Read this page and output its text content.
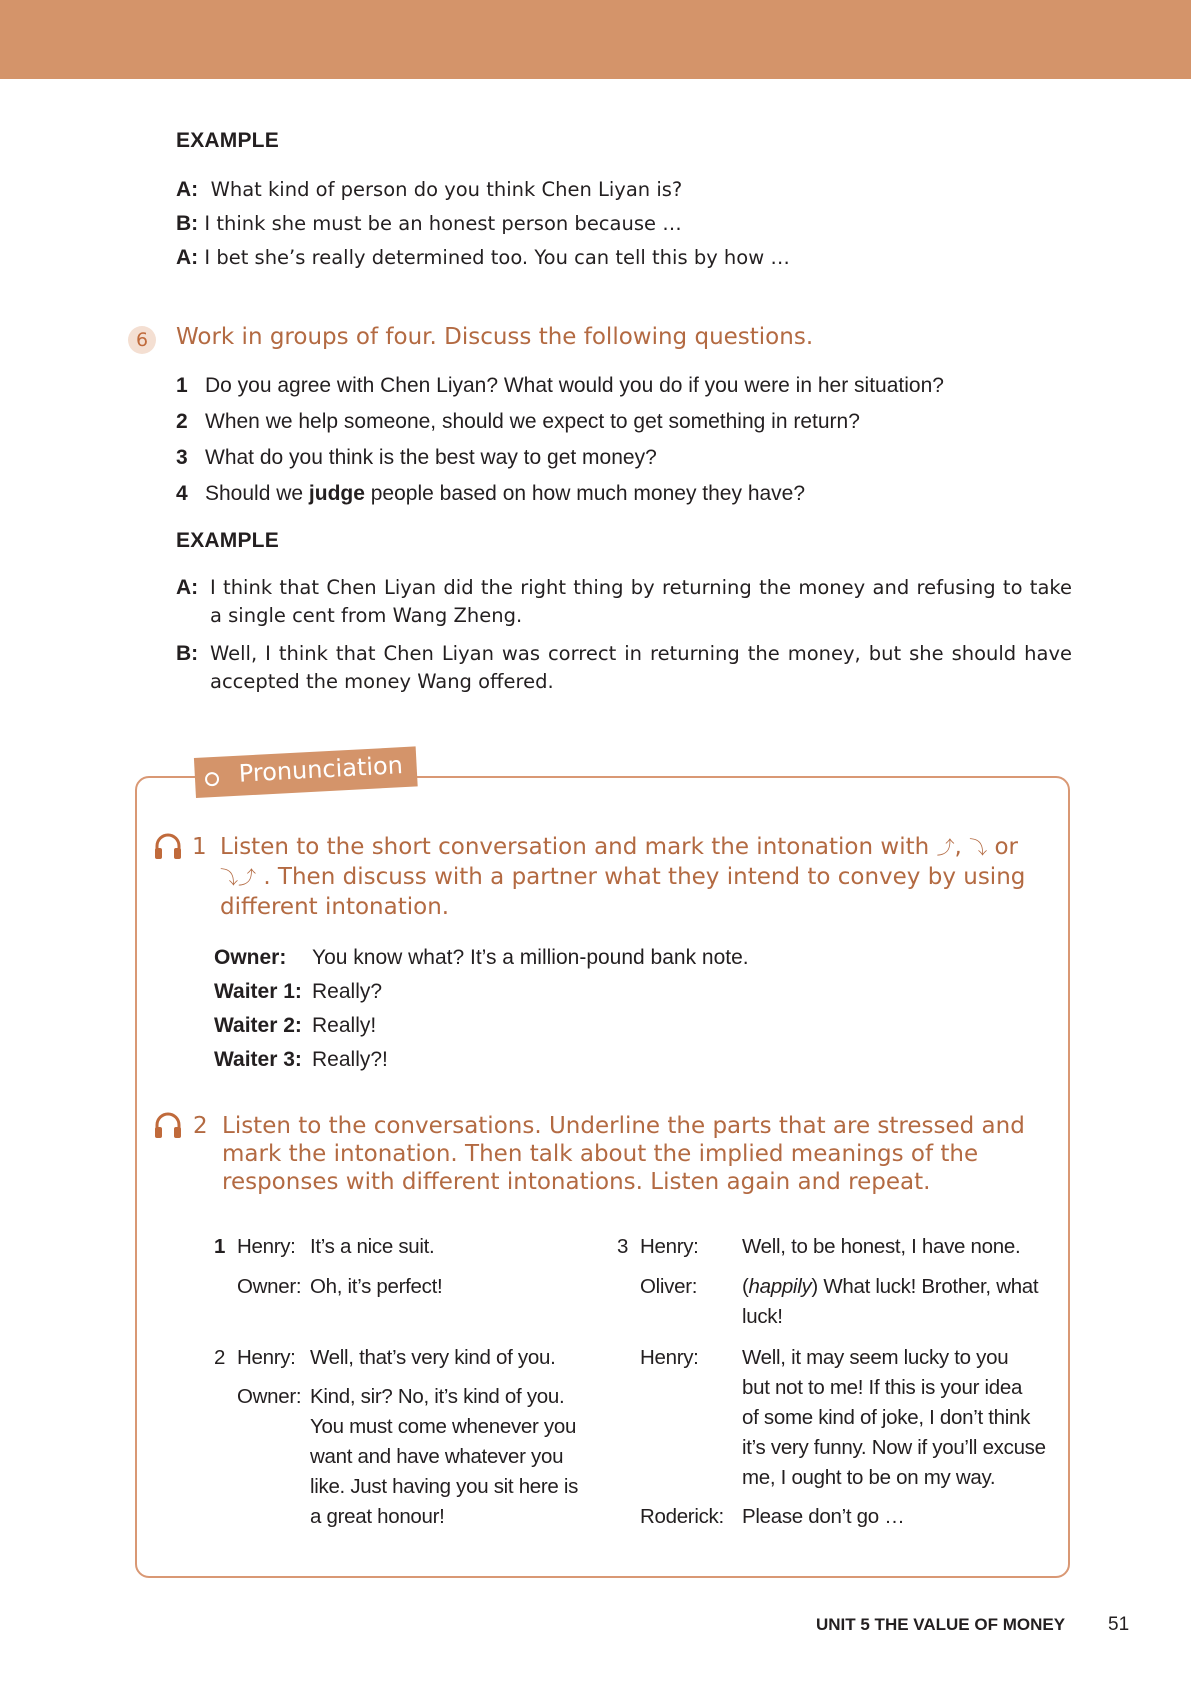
EXAMPLE
A: What kind of person do you think Chen Liyan is?
B: I think she must be an honest person because …
A: I bet she’s really determined too. You can tell this by how …
6	Work in groups of four. Discuss the following questions.
1 Do you agree with Chen Liyan? What would you do if you were in her situation?
2 When we help someone, should we expect to get something in return?
3 What do you think is the best way to get money?
4 Should we judge people based on how much money they have?
EXAMPLE
A: I think that Chen Liyan did the right thing by returning the money and refusing to take a single cent from Wang Zheng.
B: Well, I think that Chen Liyan was correct in returning the money, but she should have accepted the money Wang offered.
Pronunciation
1 Listen to the short conversation and mark the intonation with ⤴, ⤵ or
⤵⤴ . Then discuss with a partner what they intend to convey by using
different intonation.
Owner:	You know what? It’s a million-pound bank note.
Waiter 1: Really?
Waiter 2: Really!
Waiter 3: Really?!
2 Listen to the conversations. Underline the parts that are stressed and
mark the intonation. Then talk about the implied meanings of the
responses with different intonations. Listen again and repeat.
1 Henry: It’s a nice suit.
Owner: Oh, it’s perfect!
2 Henry: Well, that’s very kind of you.
Owner: Kind, sir? No, it’s kind of you.
You must come whenever you
want and have whatever you
like. Just having you sit here is
a great honour!
3 Henry: Well, to be honest, I have none.
Oliver: (happily) What luck! Brother, what
luck!
Henry: Well, it may seem lucky to you
but not to me! If this is your idea
of some kind of joke, I don’t think
it’s very funny. Now if you’ll excuse
me, I ought to be on my way.
Roderick: Please don’t go …
UNIT 5 THE VALUE OF MONEY 51
